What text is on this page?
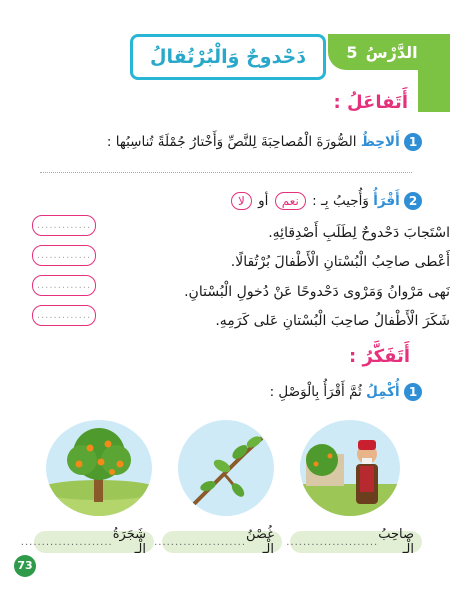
الدَّرْسُ
5
دَحْدوحٌ وَالْبُرْتُقالُ
أَتَفاعَلُ :
1 أَلاحِظُ الصُّورَةَ الْمُصاحِبَةَ لِلنَّصِّ وَأَخْتارُ جُمْلَةً تُناسِبُها :
2 أَقْرَأُ وَأُجيبُ بِـ : نعم أو لا
اسْتَجابَ دَحْدوحٌ لِطَلَبِ أَصْدِقائِهِ.
أَعْطى صاحِبُ الْبُسْتانِ الْأَطْفالَ بُرْتُقالًا.
نَهى مَرْوانُ وَمَرْوى دَحْدوحًا عَنْ دُخولِ الْبُسْتانِ.
شَكَرَ الْأَطْفالُ صاحِبَ الْبُسْتانِ عَلى كَرَمِهِ.
.............
.............
.............
.............
أَتَفَكَّرُ :
1 أُكْمِلُ ثُمَّ أَقْرَأُ بِالْوَصْلِ :
صاحِبُ الْـ
......................
غُصْنُ الْـ
......................
شَجَرَةُ الْـ
......................
73
